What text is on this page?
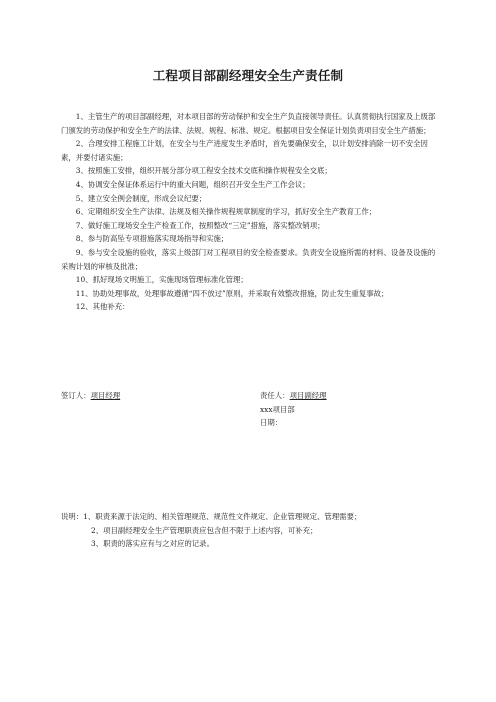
工程项目部副经理安全生产责任制

1、主管生产的项目部副经理，对本项目部的劳动保护和安全生产负直接领导责任。认真贯彻执行国家及上级部门颁发的劳动保护和安全生产的法律、法规、规程、标准、规定。根据项目安全保证计划负责项目安全生产措施；

2、合理安排工程施工计划，在安全与生产进度发生矛盾时，首先要确保安全，以计划安排消除一切不安全因素，并要付诸实施；

3、按照施工安排，组织开展分部分项工程安全技术交底和操作规程安全交底；

4、协调安全保证体系运行中的重大问题，组织召开安全生产工作会议；

5、建立安全例会制度，形成会议纪要；

6、定期组织安全生产法律、法规及相关操作规程规章制度的学习，抓好安全生产教育工作；

7、做好施工现场安全生产检查工作，按照整改“三定”措施，落实整改销项；

8、参与防高坠专项措施落实现场指导和实施；

9、参与安全设施的验收，落实上级部门对工程项目的安全检查要求。负责安全设施所需的材料、设备及设施的采购计划的审核及批准；

10、抓好现场文明施工，实施现场管理标准化管理；

11、协助处理事故，处理事故遵循“四不放过”原则，并采取有效整改措施，防止发生重复事故；

12、其他补充：

签订人：项目经理	责任人：项目副经理
xxx项目部
日期：
说明：1、职责来源于法定的、相关管理规范、规范性文件规定、企业管理规定、管理需要；
2、项目副经理安全生产管理职责应包含但不限于上述内容，可补充；
3、职责的落实应有与之对应的记录。
